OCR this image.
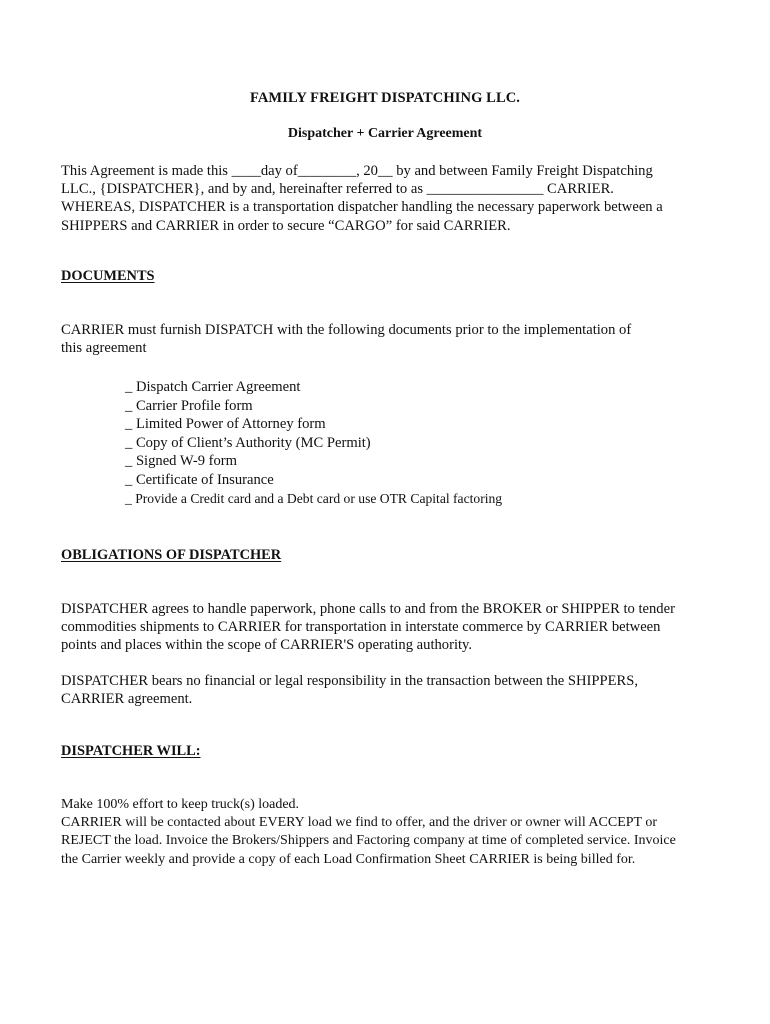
FAMILY FREIGHT DISPATCHING LLC.
Dispatcher + Carrier Agreement
This Agreement is made this ____day of________, 20__ by and between Family Freight Dispatching
LLC., {DISPATCHER}, and by and, hereinafter referred to as ________________ CARRIER.
WHEREAS, DISPATCHER is a transportation dispatcher handling the necessary paperwork between a
SHIPPERS and CARRIER in order to secure “CARGO” for said CARRIER.
DOCUMENTS
CARRIER must furnish DISPATCH with the following documents prior to the implementation of
this agreement
_ Dispatch Carrier Agreement
_ Carrier Profile form
_ Limited Power of Attorney form
_ Copy of Client’s Authority (MC Permit)
_ Signed W-9 form
_ Certificate of Insurance
_ Provide a Credit card and a Debt card or use OTR Capital factoring
OBLIGATIONS OF DISPATCHER
DISPATCHER agrees to handle paperwork, phone calls to and from the BROKER or SHIPPER to tender
commodities shipments to CARRIER for transportation in interstate commerce by CARRIER between
points and places within the scope of CARRIER'S operating authority.
DISPATCHER bears no financial or legal responsibility in the transaction between the SHIPPERS,
CARRIER agreement.
DISPATCHER WILL:
Make 100% effort to keep truck(s) loaded.
CARRIER will be contacted about EVERY load we find to offer, and the driver or owner will ACCEPT or
REJECT the load. Invoice the Brokers/Shippers and Factoring company at time of completed service. Invoice
the Carrier weekly and provide a copy of each Load Confirmation Sheet CARRIER is being billed for.
